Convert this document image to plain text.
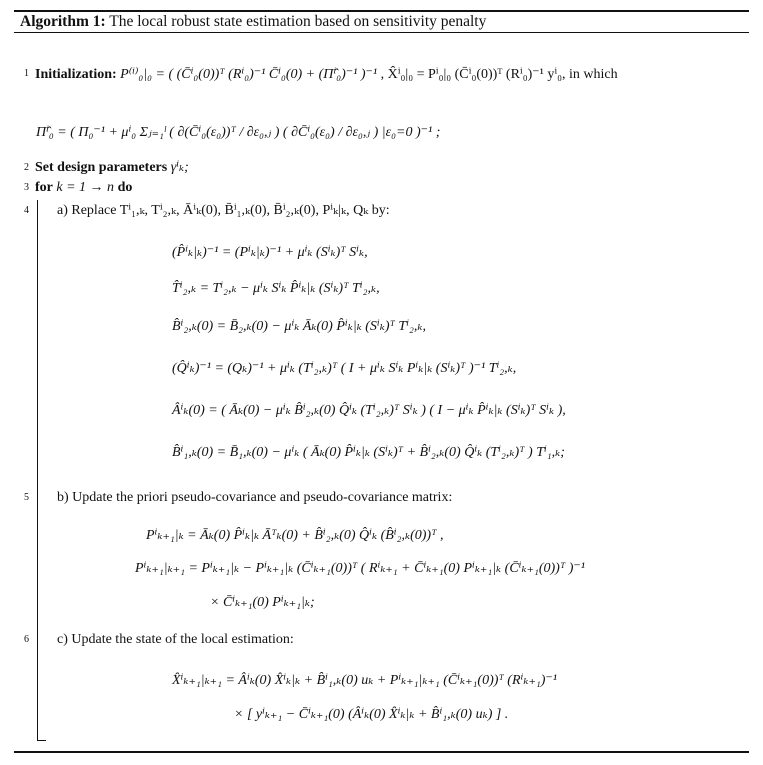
Algorithm 1: The local robust state estimation based on sensitivity penalty
1 Initialization: P⁽ⁱ⁾₀|₀ = ( (C̄ⁱ₀(0))ᵀ (Rⁱ₀)⁻¹ C̄ⁱ₀(0) + (Π̂ⁱ₀)⁻¹ )⁻¹ , X̂ⁱ₀|₀ = Pⁱ₀|₀ (C̄ⁱ₀(0))ᵀ (Rⁱ₀)⁻¹ yⁱ₀, in which
Π̂ⁱ₀ = ( Π₀⁻¹ + μⁱ₀ Σⱼ₌₁ˡ ( ∂(C̄ⁱ₀(ε₀))ᵀ / ∂ε₀,ⱼ ) ( ∂C̄ⁱ₀(ε₀) / ∂ε₀,ⱼ ) |ε₀=0 )⁻¹ ;
2 Set design parameters γⁱₖ;
3 for k = 1 → n do
4 a) Replace Tⁱ₁,ₖ, Tⁱ₂,ₖ, Āⁱₖ(0), B̄ⁱ₁,ₖ(0), B̄ⁱ₂,ₖ(0), Pⁱₖ|ₖ, Qₖ by:
(P̂ⁱₖ|ₖ)⁻¹ = (Pⁱₖ|ₖ)⁻¹ + μⁱₖ (Sⁱₖ)ᵀ Sⁱₖ,
T̂ⁱ₂,ₖ = Tⁱ₂,ₖ − μⁱₖ Sⁱₖ P̂ⁱₖ|ₖ (Sⁱₖ)ᵀ Tⁱ₂,ₖ,
B̂ⁱ₂,ₖ(0) = B̄₂,ₖ(0) − μⁱₖ Āₖ(0) P̂ⁱₖ|ₖ (Sⁱₖ)ᵀ Tⁱ₂,ₖ,
(Q̂ⁱₖ)⁻¹ = (Qₖ)⁻¹ + μⁱₖ (Tⁱ₂,ₖ)ᵀ ( I + μⁱₖ Sⁱₖ Pⁱₖ|ₖ (Sⁱₖ)ᵀ )⁻¹ Tⁱ₂,ₖ,
Âⁱₖ(0) = ( Āₖ(0) − μⁱₖ B̂ⁱ₂,ₖ(0) Q̂ⁱₖ (Tⁱ₂,ₖ)ᵀ Sⁱₖ ) ( I − μⁱₖ P̂ⁱₖ|ₖ (Sⁱₖ)ᵀ Sⁱₖ ),
B̂ⁱ₁,ₖ(0) = B̄₁,ₖ(0) − μⁱₖ ( Āₖ(0) P̂ⁱₖ|ₖ (Sⁱₖ)ᵀ + B̂ⁱ₂,ₖ(0) Q̂ⁱₖ (Tⁱ₂,ₖ)ᵀ ) Tⁱ₁,ₖ;
5 b) Update the priori pseudo-covariance and pseudo-covariance matrix:
Pⁱₖ₊₁|ₖ = Āₖ(0) P̂ⁱₖ|ₖ Āᵀₖ(0) + B̂ⁱ₂,ₖ(0) Q̂ⁱₖ (B̂ⁱ₂,ₖ(0))ᵀ ,
Pⁱₖ₊₁|ₖ₊₁ = Pⁱₖ₊₁|ₖ − Pⁱₖ₊₁|ₖ (C̄ⁱₖ₊₁(0))ᵀ ( Rⁱₖ₊₁ + C̄ⁱₖ₊₁(0) Pⁱₖ₊₁|ₖ (C̄ⁱₖ₊₁(0))ᵀ )⁻¹
× C̄ⁱₖ₊₁(0) Pⁱₖ₊₁|ₖ;
6 c) Update the state of the local estimation:
X̂ⁱₖ₊₁|ₖ₊₁ = Âⁱₖ(0) X̂ⁱₖ|ₖ + B̂ⁱ₁,ₖ(0) uₖ + Pⁱₖ₊₁|ₖ₊₁ (C̄ⁱₖ₊₁(0))ᵀ (Rⁱₖ₊₁)⁻¹
× [ yⁱₖ₊₁ − C̄ⁱₖ₊₁(0) (Âⁱₖ(0) X̂ⁱₖ|ₖ + B̂ⁱ₁,ₖ(0) uₖ) ] .
